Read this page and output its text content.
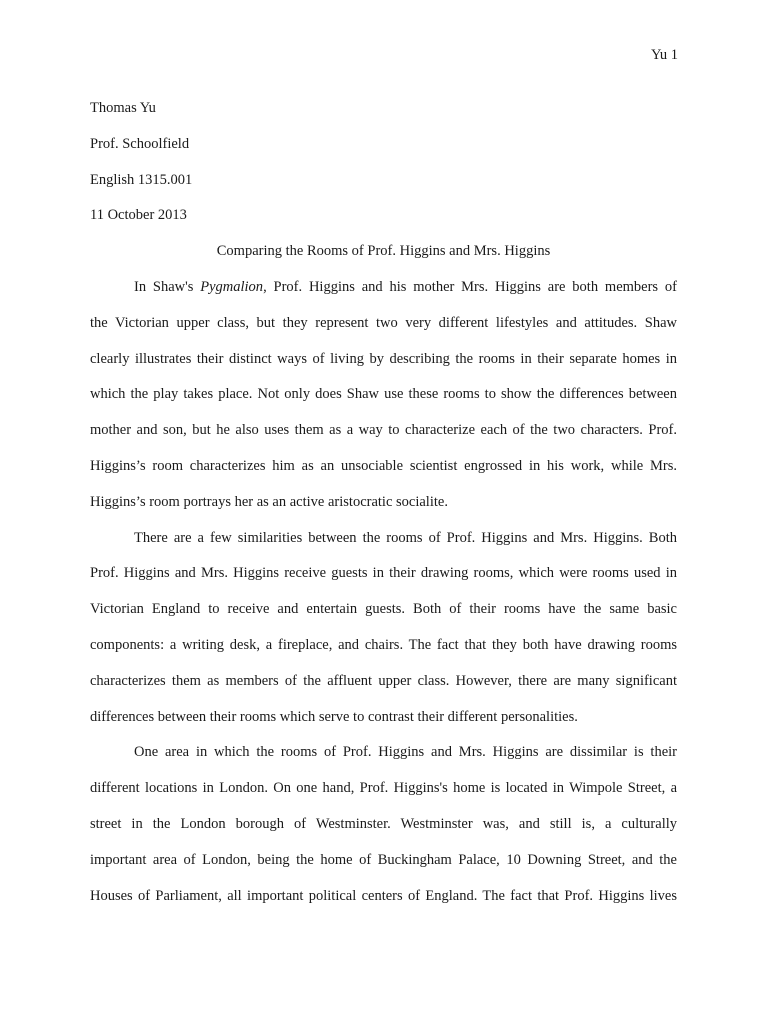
Yu 1
Thomas Yu
Prof. Schoolfield
English 1315.001
11 October 2013
Comparing the Rooms of Prof. Higgins and Mrs. Higgins
In Shaw's Pygmalion, Prof. Higgins and his mother Mrs. Higgins are both members of
the Victorian upper class, but they represent two very different lifestyles and attitudes. Shaw
clearly illustrates their distinct ways of living by describing the rooms in their separate homes in
which the play takes place. Not only does Shaw use these rooms to show the differences between
mother and son, but he also uses them as a way to characterize each of the two characters. Prof.
Higgins’s room characterizes him as an unsociable scientist engrossed in his work, while Mrs.
Higgins’s room portrays her as an active aristocratic socialite.
There are a few similarities between the rooms of Prof. Higgins and Mrs. Higgins. Both
Prof. Higgins and Mrs. Higgins receive guests in their drawing rooms, which were rooms used in
Victorian England to receive and entertain guests. Both of their rooms have the same basic
components: a writing desk, a fireplace, and chairs. The fact that they both have drawing rooms
characterizes them as members of the affluent upper class. However, there are many significant
differences between their rooms which serve to contrast their different personalities.
One area in which the rooms of Prof. Higgins and Mrs. Higgins are dissimilar is their
different locations in London. On one hand, Prof. Higgins's home is located in Wimpole Street, a
street in the London borough of Westminster. Westminster was, and still is, a culturally
important area of London, being the home of Buckingham Palace, 10 Downing Street, and the
Houses of Parliament, all important political centers of England. The fact that Prof. Higgins lives
